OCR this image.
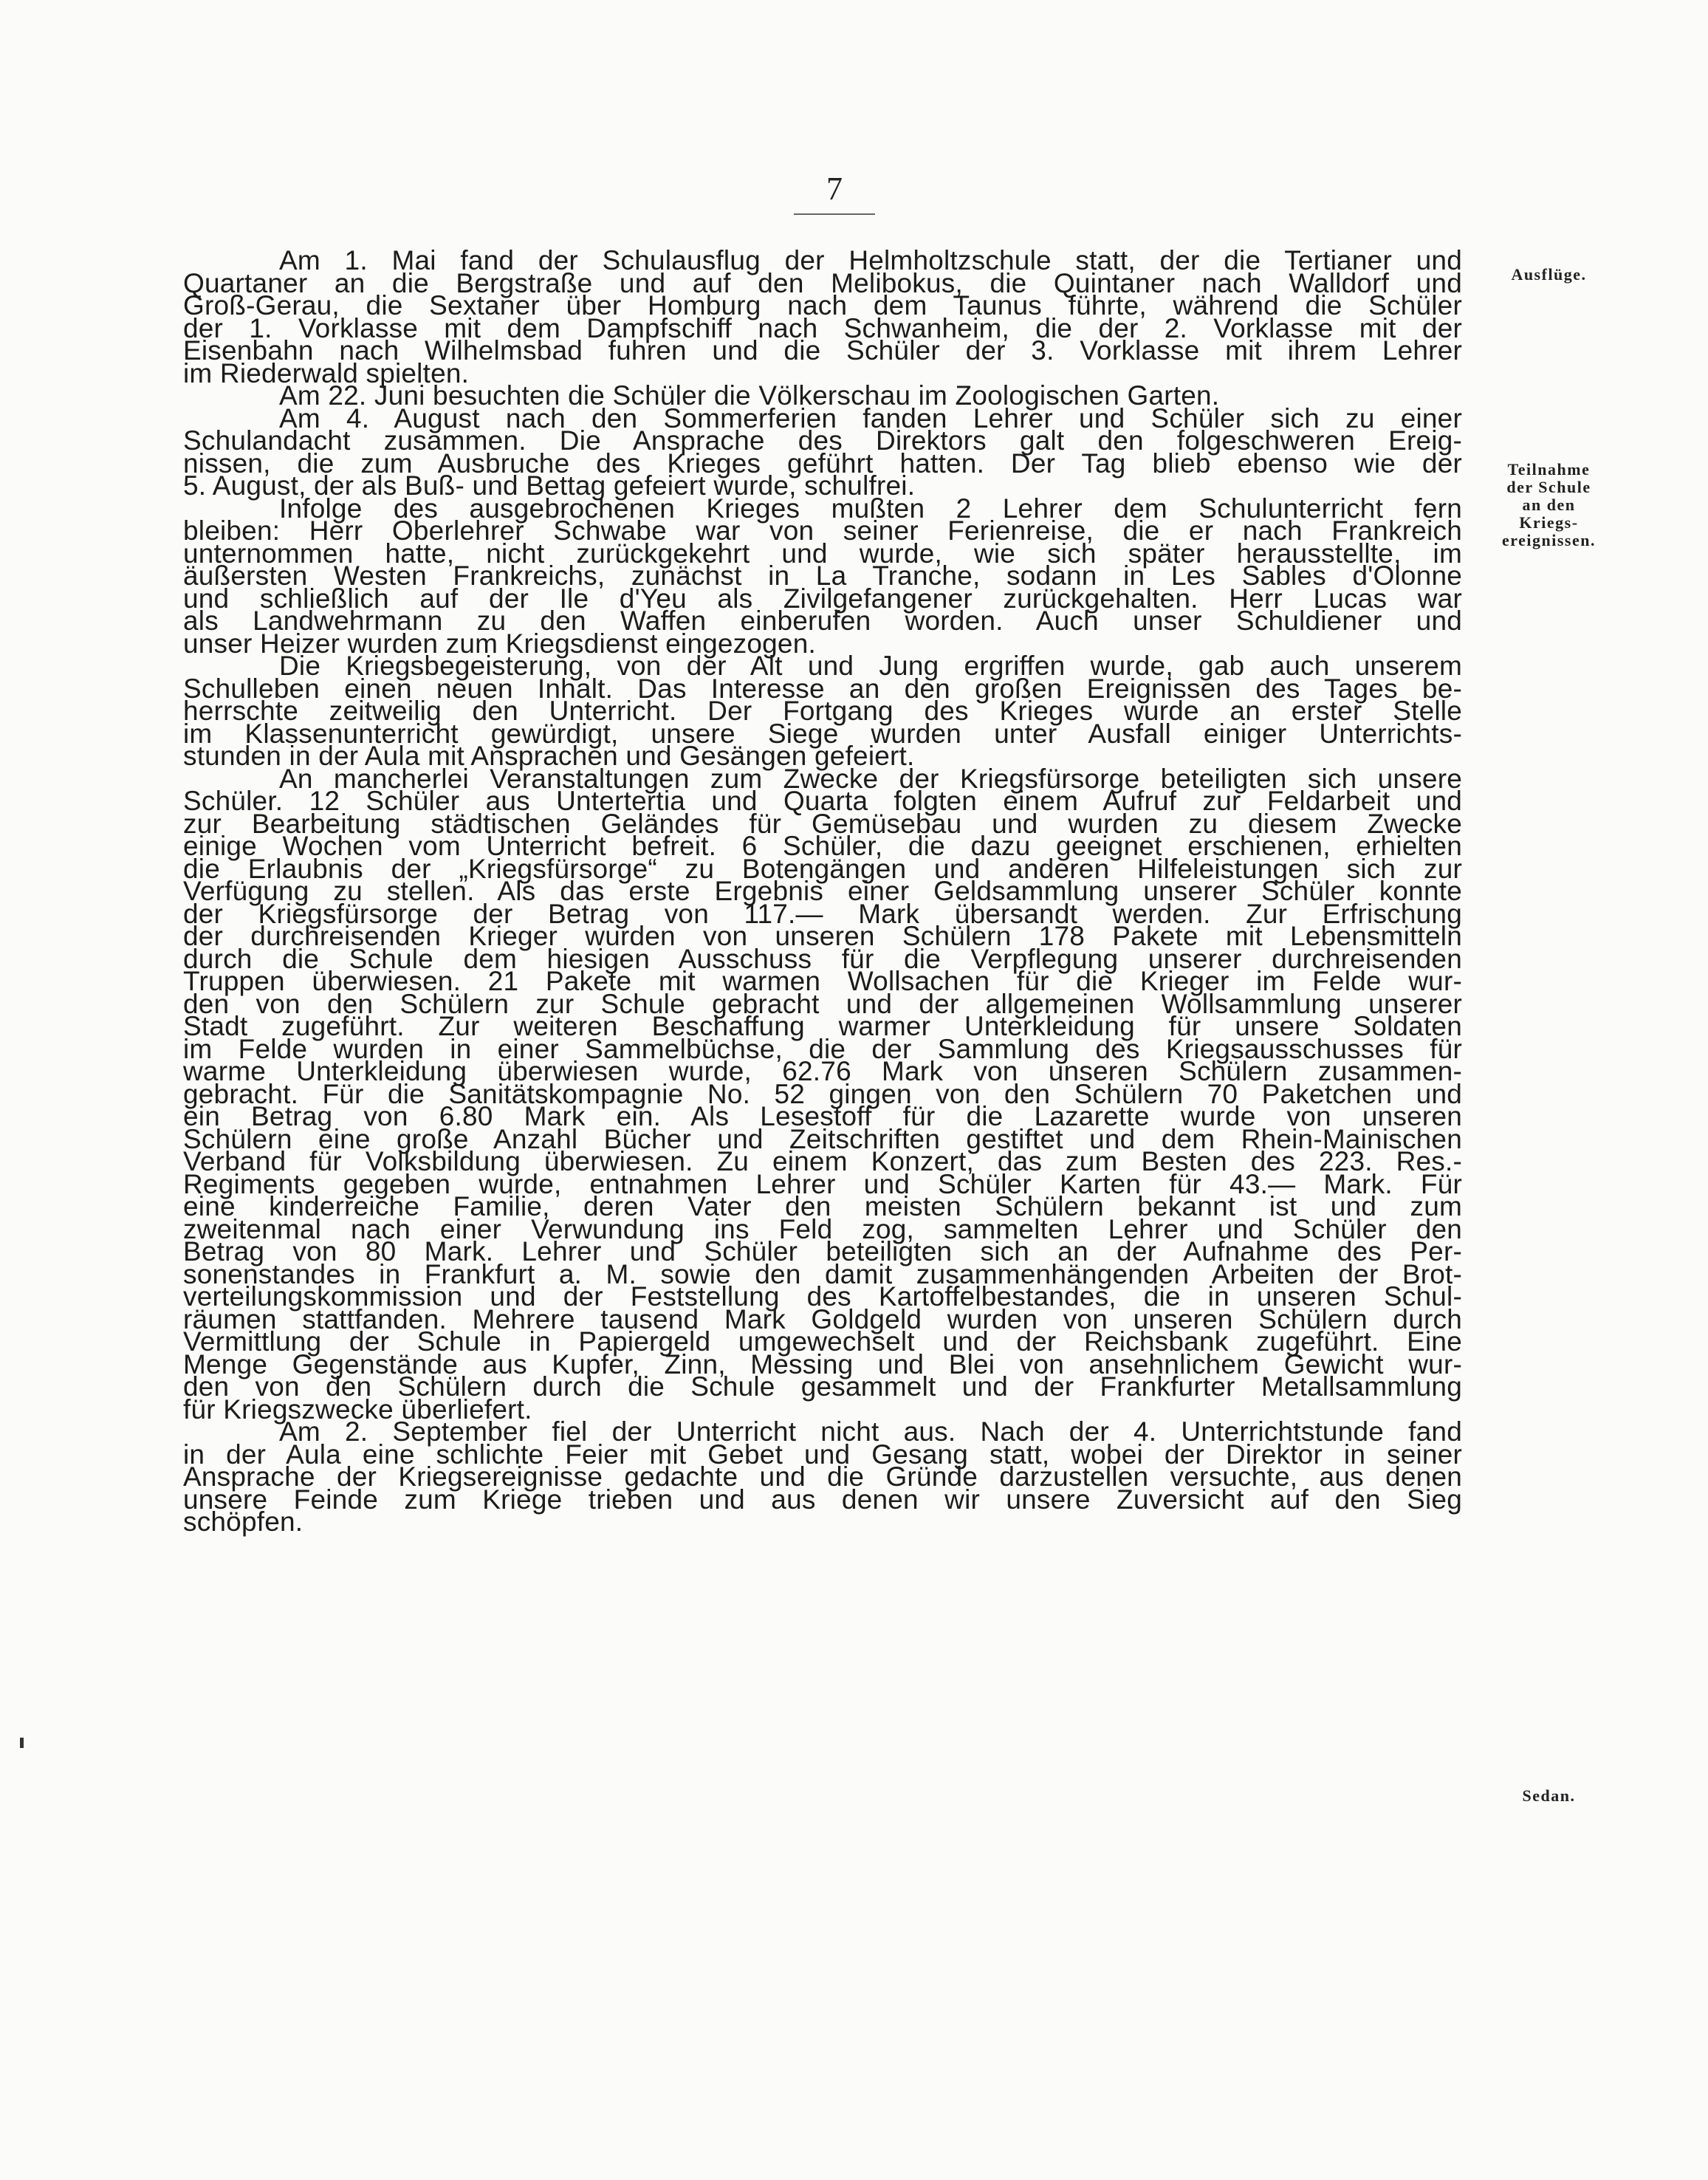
7
Ausflüge.
Teilnahme
der Schule
an den
Kriegs-
ereignissen.
Sedan.
Am 1. Mai fand der Schulausflug der Helmholtzschule statt, der die Tertianer und
Quartaner an die Bergstraße und auf den Melibokus, die Quintaner nach Walldorf und
Groß-Gerau, die Sextaner über Homburg nach dem Taunus führte, während die Schüler
der 1. Vorklasse mit dem Dampfschiff nach Schwanheim, die der 2. Vorklasse mit der
Eisenbahn nach Wilhelmsbad fuhren und die Schüler der 3. Vorklasse mit ihrem Lehrer
im Riederwald spielten.
Am 22. Juni besuchten die Schüler die Völkerschau im Zoologischen Garten.
Am 4. August nach den Sommerferien fanden Lehrer und Schüler sich zu einer
Schulandacht zusammen. Die Ansprache des Direktors galt den folgeschweren Ereig-
nissen, die zum Ausbruche des Krieges geführt hatten. Der Tag blieb ebenso wie der
5. August, der als Buß- und Bettag gefeiert wurde, schulfrei.
Infolge des ausgebrochenen Krieges mußten 2 Lehrer dem Schulunterricht fern
bleiben: Herr Oberlehrer Schwabe war von seiner Ferienreise, die er nach Frankreich
unternommen hatte, nicht zurückgekehrt und wurde, wie sich später herausstellte, im
äußersten Westen Frankreichs, zunächst in La Tranche, sodann in Les Sables d'Olonne
und schließlich auf der Ile d'Yeu als Zivilgefangener zurückgehalten. Herr Lucas war
als Landwehrmann zu den Waffen einberufen worden. Auch unser Schuldiener und
unser Heizer wurden zum Kriegsdienst eingezogen.
Die Kriegsbegeisterung, von der Alt und Jung ergriffen wurde, gab auch unserem
Schulleben einen neuen Inhalt. Das Interesse an den großen Ereignissen des Tages be-
herrschte zeitweilig den Unterricht. Der Fortgang des Krieges wurde an erster Stelle
im Klassenunterricht gewürdigt, unsere Siege wurden unter Ausfall einiger Unterrichts-
stunden in der Aula mit Ansprachen und Gesängen gefeiert.
An mancherlei Veranstaltungen zum Zwecke der Kriegsfürsorge beteiligten sich unsere
Schüler. 12 Schüler aus Untertertia und Quarta folgten einem Aufruf zur Feldarbeit und
zur Bearbeitung städtischen Geländes für Gemüsebau und wurden zu diesem Zwecke
einige Wochen vom Unterricht befreit. 6 Schüler, die dazu geeignet erschienen, erhielten
die Erlaubnis der „Kriegsfürsorge“ zu Botengängen und anderen Hilfeleistungen sich zur
Verfügung zu stellen. Als das erste Ergebnis einer Geldsammlung unserer Schüler konnte
der Kriegsfürsorge der Betrag von 117.— Mark übersandt werden. Zur Erfrischung
der durchreisenden Krieger wurden von unseren Schülern 178 Pakete mit Lebensmitteln
durch die Schule dem hiesigen Ausschuss für die Verpflegung unserer durchreisenden
Truppen überwiesen. 21 Pakete mit warmen Wollsachen für die Krieger im Felde wur-
den von den Schülern zur Schule gebracht und der allgemeinen Wollsammlung unserer
Stadt zugeführt. Zur weiteren Beschaffung warmer Unterkleidung für unsere Soldaten
im Felde wurden in einer Sammelbüchse, die der Sammlung des Kriegsausschusses für
warme Unterkleidung überwiesen wurde, 62.76 Mark von unseren Schülern zusammen-
gebracht. Für die Sanitätskompagnie No. 52 gingen von den Schülern 70 Paketchen und
ein Betrag von 6.80 Mark ein. Als Lesestoff für die Lazarette wurde von unseren
Schülern eine große Anzahl Bücher und Zeitschriften gestiftet und dem Rhein-Mainischen
Verband für Volksbildung überwiesen. Zu einem Konzert, das zum Besten des 223. Res.-
Regiments gegeben wurde, entnahmen Lehrer und Schüler Karten für 43.— Mark. Für
eine kinderreiche Familie, deren Vater den meisten Schülern bekannt ist und zum
zweitenmal nach einer Verwundung ins Feld zog, sammelten Lehrer und Schüler den
Betrag von 80 Mark. Lehrer und Schüler beteiligten sich an der Aufnahme des Per-
sonenstandes in Frankfurt a. M. sowie den damit zusammenhängenden Arbeiten der Brot-
verteilungskommission und der Feststellung des Kartoffelbestandes, die in unseren Schul-
räumen stattfanden. Mehrere tausend Mark Goldgeld wurden von unseren Schülern durch
Vermittlung der Schule in Papiergeld umgewechselt und der Reichsbank zugeführt. Eine
Menge Gegenstände aus Kupfer, Zinn, Messing und Blei von ansehnlichem Gewicht wur-
den von den Schülern durch die Schule gesammelt und der Frankfurter Metallsammlung
für Kriegszwecke überliefert.
Am 2. September fiel der Unterricht nicht aus. Nach der 4. Unterrichtstunde fand
in der Aula eine schlichte Feier mit Gebet und Gesang statt, wobei der Direktor in seiner
Ansprache der Kriegsereignisse gedachte und die Gründe darzustellen versuchte, aus denen
unsere Feinde zum Kriege trieben und aus denen wir unsere Zuversicht auf den Sieg
schöpfen.
